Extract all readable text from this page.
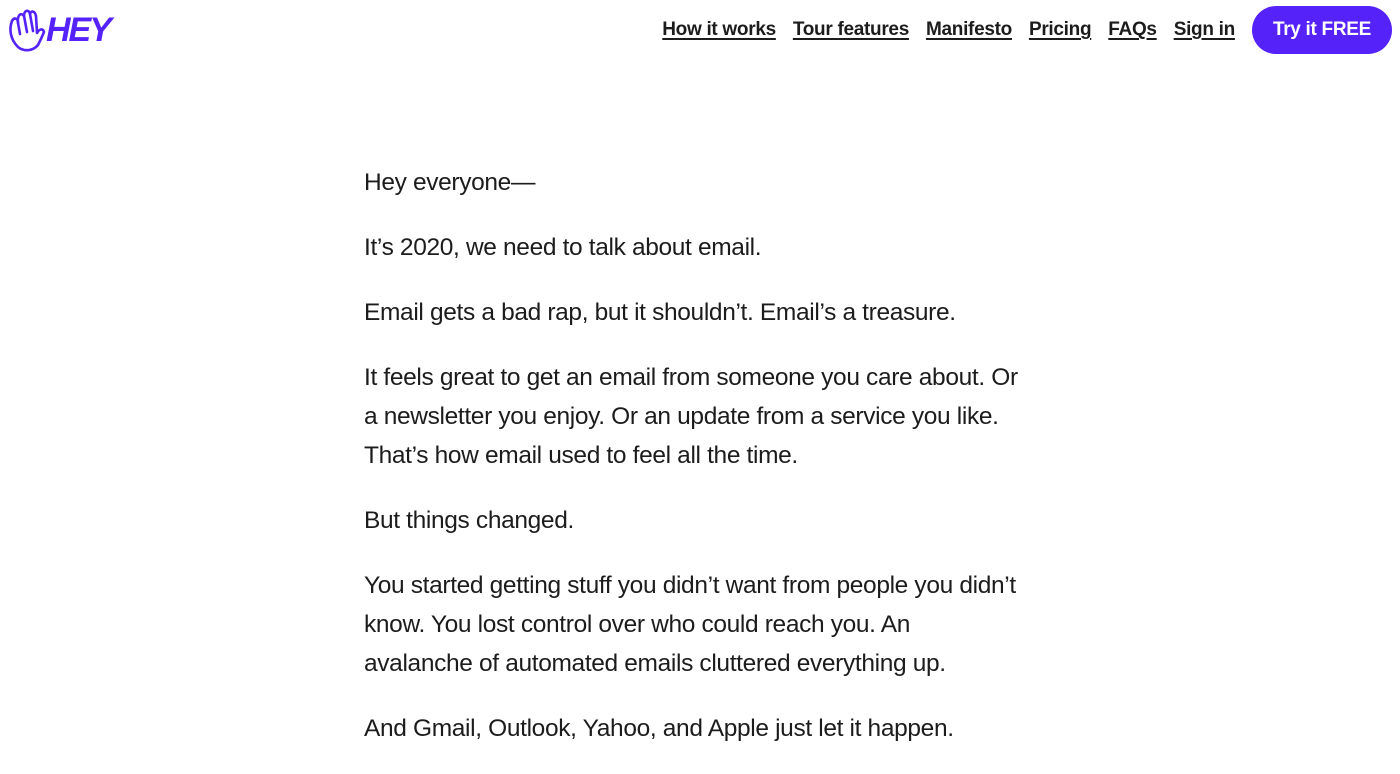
HEY	How it works Tour features Manifesto Pricing FAQs Sign in	Try it FREE

Hey everyone—

It’s 2020, we need to talk about email.

Email gets a bad rap, but it shouldn’t. Email’s a treasure.

It feels great to get an email from someone you care about. Or a newsletter you enjoy. Or an update from a service you like. That’s how email used to feel all the time.

But things changed.

You started getting stuff you didn’t want from people you didn’t know. You lost control over who could reach you. An avalanche of automated emails cluttered everything up.

And Gmail, Outlook, Yahoo, and Apple just let it happen.
